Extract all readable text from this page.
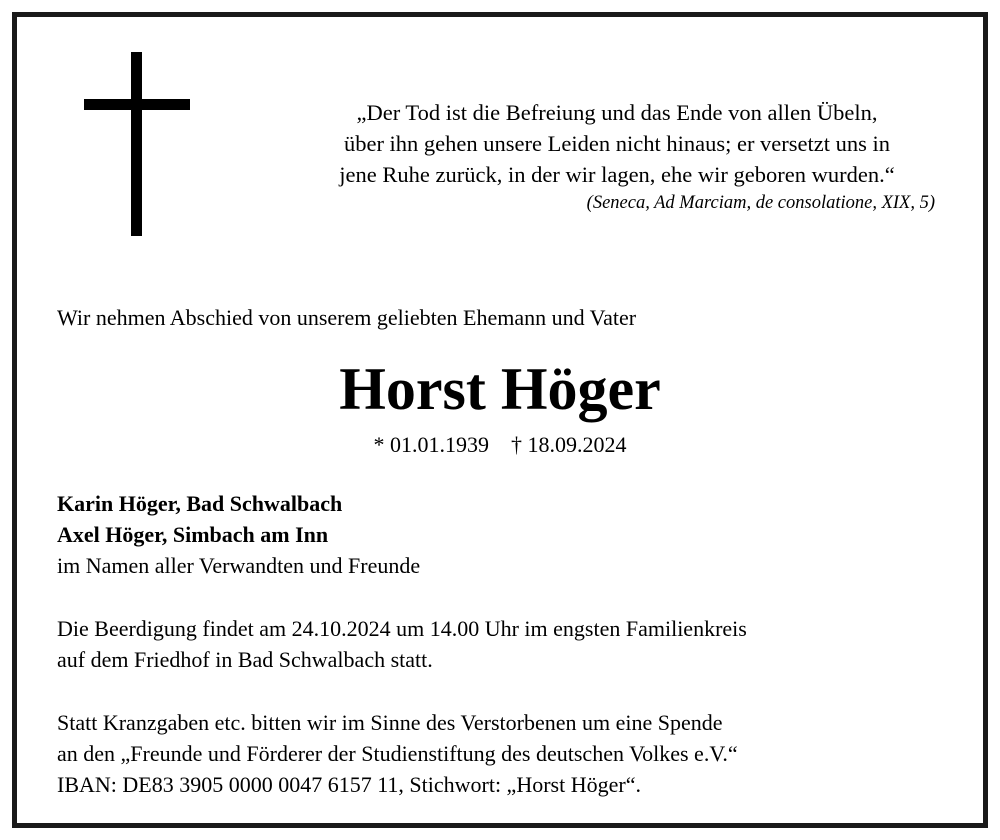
„Der Tod ist die Befreiung und das Ende von allen Übeln,
über ihn gehen unsere Leiden nicht hinaus; er versetzt uns in
jene Ruhe zurück, in der wir lagen, ehe wir geboren wurden.“
(Seneca, Ad Marciam, de consolatione, XIX, 5)
Wir nehmen Abschied von unserem geliebten Ehemann und Vater
Horst Höger
* 01.01.1939 † 18.09.2024
Karin Höger, Bad Schwalbach
Axel Höger, Simbach am Inn
im Namen aller Verwandten und Freunde
Die Beerdigung findet am 24.10.2024 um 14.00 Uhr im engsten Familienkreis
auf dem Friedhof in Bad Schwalbach statt.
Statt Kranzgaben etc. bitten wir im Sinne des Verstorbenen um eine Spende
an den „Freunde und Förderer der Studienstiftung des deutschen Volkes e.V.“
IBAN: DE83 3905 0000 0047 6157 11, Stichwort: „Horst Höger“.
